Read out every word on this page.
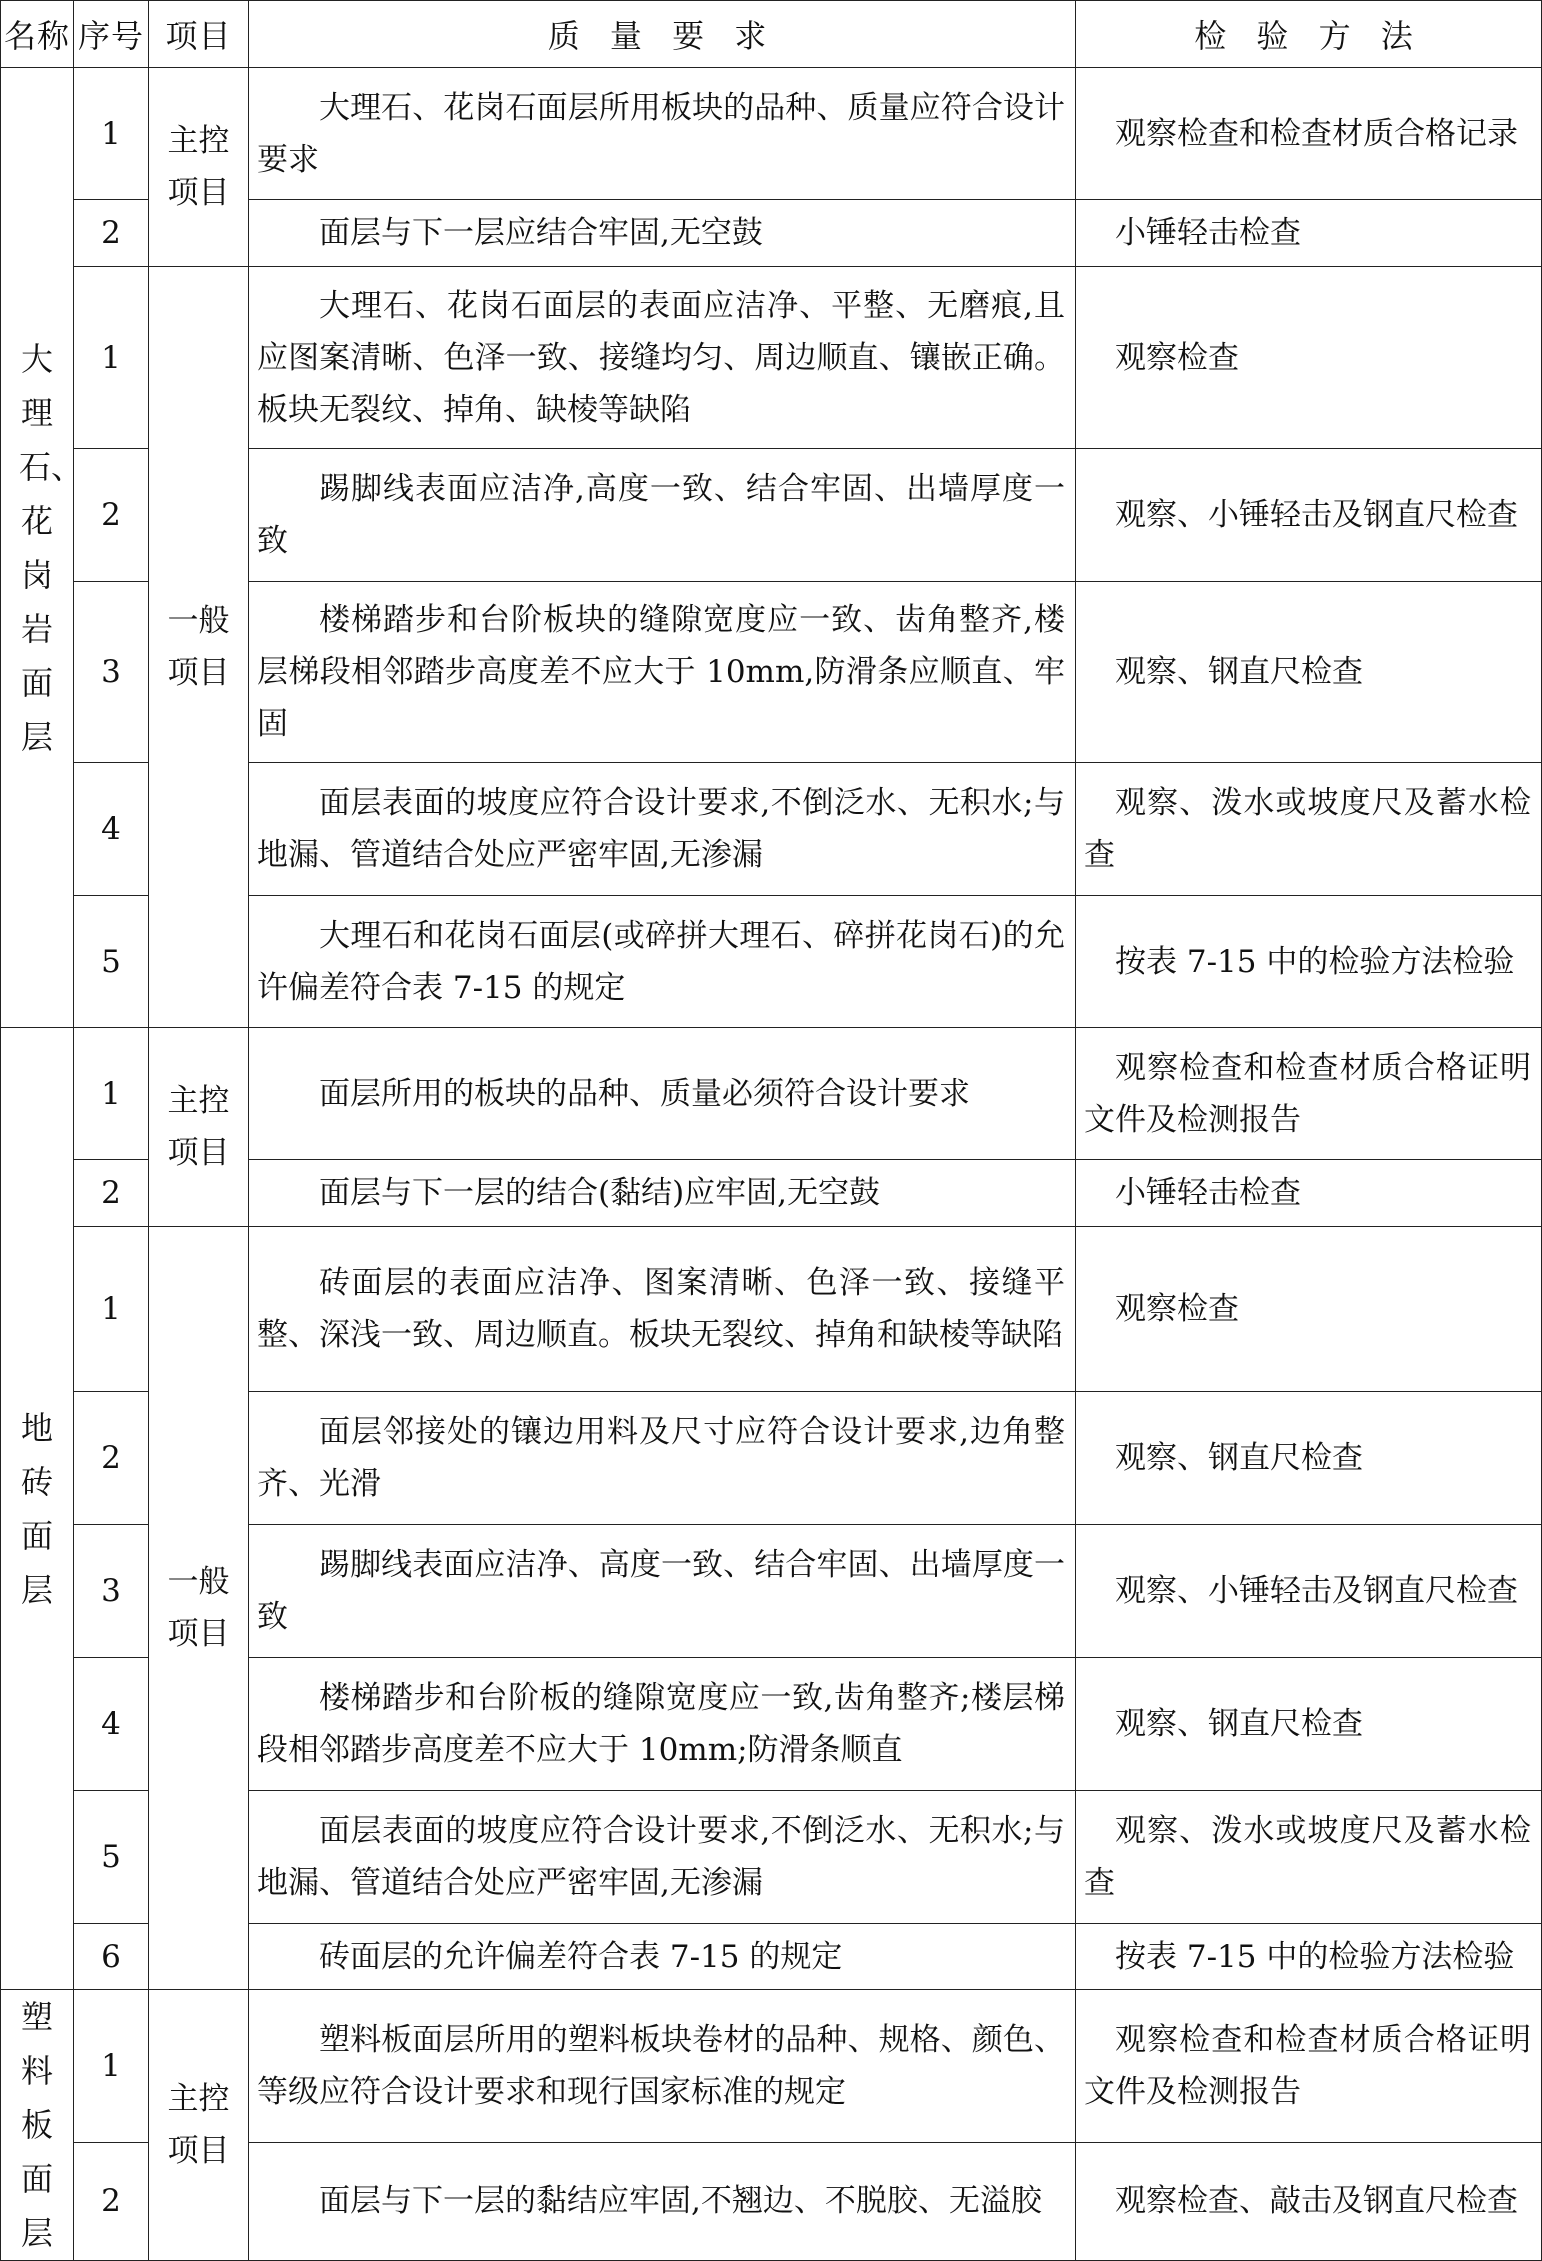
名称	序号	项目	质 量 要 求	检 验 方 法
大理石、花岗岩面层	1	主控项目	大理石、花岗石面层所用板块的品种、质量应符合设计要求	观察检查和检查材质合格记录

	2		面层与下一层应结合牢固,无空鼓	小锤轻击检查

	1	一般项目	大理石、花岗石面层的表面应洁净、平整、无磨痕,且应图案清晰、色泽一致、接缝均匀、周边顺直、镶嵌正确。板块无裂纹、掉角、缺棱等缺陷	观察检查

	2		踢脚线表面应洁净,高度一致、结合牢固、出墙厚度一致	观察、小锤轻击及钢直尺检查

	3		楼梯踏步和台阶板块的缝隙宽度应一致、齿角整齐,楼层梯段相邻踏步高度差不应大于 10mm,防滑条应顺直、牢固	观察、钢直尺检查

	4		面层表面的坡度应符合设计要求,不倒泛水、无积水;与地漏、管道结合处应严密牢固,无渗漏	观察、泼水或坡度尺及蓄水检查

	5		大理石和花岗石面层(或碎拼大理石、碎拼花岗石)的允许偏差符合表 7-15 的规定	按表 7-15 中的检验方法检验

地砖面层	1	主控项目	面层所用的板块的品种、质量必须符合设计要求	观察检查和检查材质合格证明文件及检测报告

	2		面层与下一层的结合(黏结)应牢固,无空鼓	小锤轻击检查

	1	一般项目	砖面层的表面应洁净、图案清晰、色泽一致、接缝平整、深浅一致、周边顺直。板块无裂纹、掉角和缺棱等缺陷	观察检查

	2		面层邻接处的镶边用料及尺寸应符合设计要求,边角整齐、光滑	观察、钢直尺检查

	3		踢脚线表面应洁净、高度一致、结合牢固、出墙厚度一致	观察、小锤轻击及钢直尺检查

	4		楼梯踏步和台阶板的缝隙宽度应一致,齿角整齐;楼层梯段相邻踏步高度差不应大于 10mm;防滑条顺直	观察、钢直尺检查

	5		面层表面的坡度应符合设计要求,不倒泛水、无积水;与地漏、管道结合处应严密牢固,无渗漏	观察、泼水或坡度尺及蓄水检查

	6		砖面层的允许偏差符合表 7-15 的规定	按表 7-15 中的检验方法检验

塑料板面层	1	主控项目	塑料板面层所用的塑料板块卷材的品种、规格、颜色、等级应符合设计要求和现行国家标准的规定	观察检查和检查材质合格证明文件及检测报告

	2		面层与下一层的黏结应牢固,不翘边、不脱胶、无溢胶	观察检查、敲击及钢直尺检查
